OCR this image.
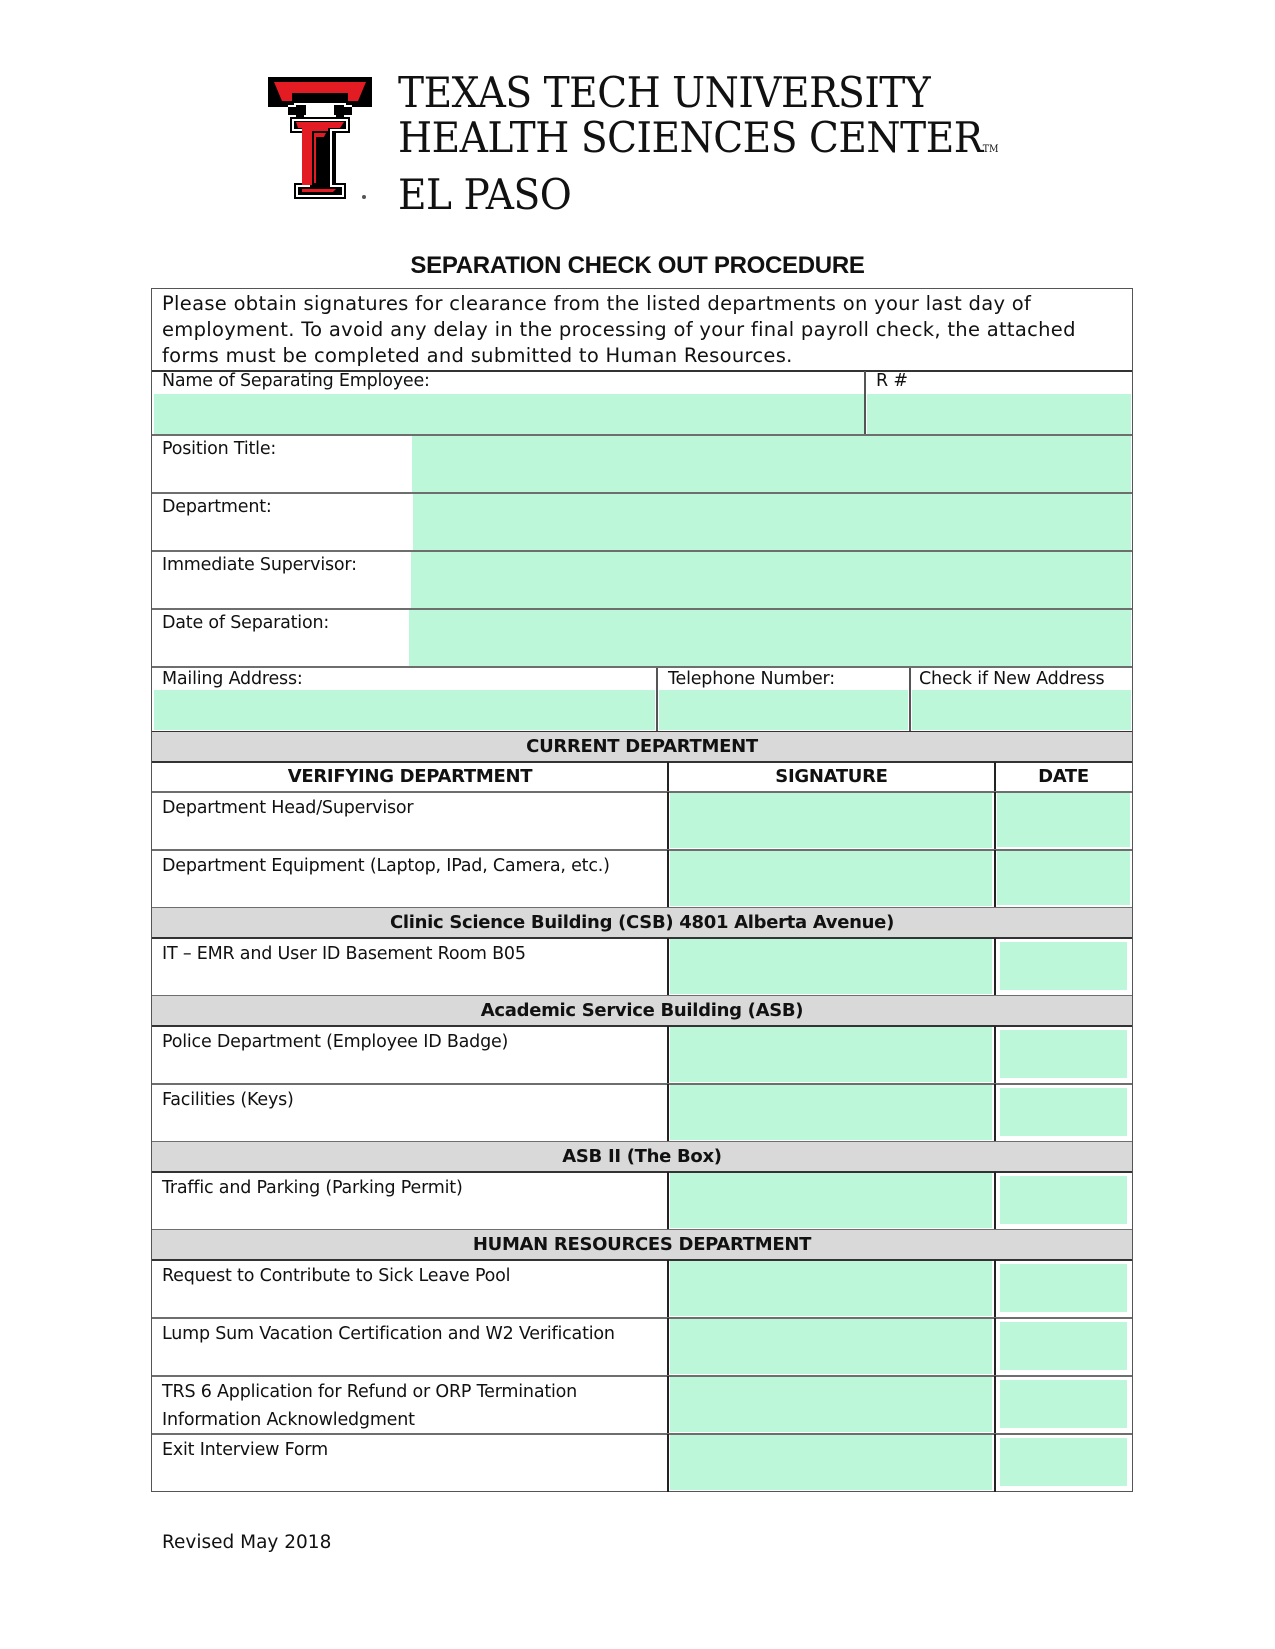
TEXAS TECH UNIVERSITY
HEALTH SCIENCES CENTERTM
EL PASO
SEPARATION CHECK OUT PROCEDURE
Please obtain signatures for clearance from the listed departments on your last day of employment. To avoid any delay in the processing of your final payroll check, the attached forms must be completed and submitted to Human Resources.
Name of Separating Employee:	R #
Position Title:
Department:
Immediate Supervisor:
Date of Separation:
Mailing Address:	Telephone Number:	Check if New Address
CURRENT DEPARTMENT
VERIFYING DEPARTMENT	SIGNATURE	DATE
Department Head/Supervisor
Department Equipment (Laptop, IPad, Camera, etc.)
Clinic Science Building (CSB) 4801 Alberta Avenue)
IT – EMR and User ID Basement Room B05
Academic Service Building (ASB)
Police Department (Employee ID Badge)
Facilities (Keys)
ASB II (The Box)
Traffic and Parking (Parking Permit)
HUMAN RESOURCES DEPARTMENT
Request to Contribute to Sick Leave Pool
Lump Sum Vacation Certification and W2 Verification
TRS 6 Application for Refund or ORP Termination
Information Acknowledgment
Exit Interview Form
Revised May 2018
